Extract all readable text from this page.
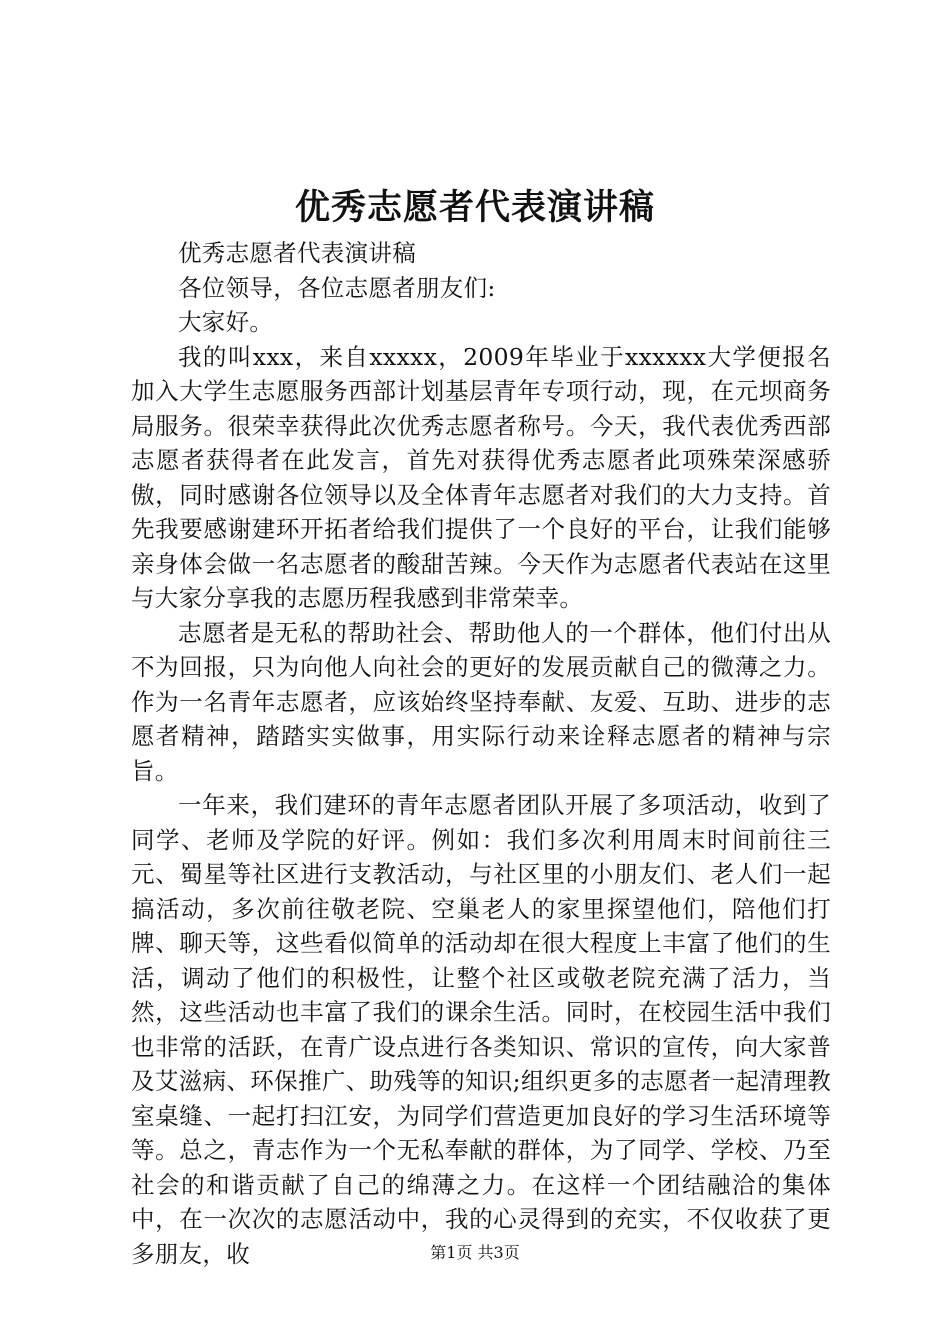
优秀志愿者代表演讲稿

优秀志愿者代表演讲稿

各位领导，各位志愿者朋友们:

大家好。

我的叫xxx，来自xxxxx，2009年毕业于xxxxxx大学便报名加入大学生志愿服务西部计划基层青年专项行动，现，在元坝商务局服务。很荣幸获得此次优秀志愿者称号。今天，我代表优秀西部志愿者获得者在此发言，首先对获得优秀志愿者此项殊荣深感骄傲，同时感谢各位领导以及全体青年志愿者对我们的大力支持。首先我要感谢建环开拓者给我们提供了一个良好的平台，让我们能够亲身体会做一名志愿者的酸甜苦辣。今天作为志愿者代表站在这里与大家分享我的志愿历程我感到非常荣幸。

志愿者是无私的帮助社会、帮助他人的一个群体，他们付出从不为回报，只为向他人向社会的更好的发展贡献自己的微薄之力。作为一名青年志愿者，应该始终坚持奉献、友爱、互助、进步的志愿者精神，踏踏实实做事，用实际行动来诠释志愿者的精神与宗旨。

一年来，我们建环的青年志愿者团队开展了多项活动，收到了同学、老师及学院的好评。例如：我们多次利用周末时间前往三元、蜀星等社区进行支教活动，与社区里的小朋友们、老人们一起搞活动，多次前往敬老院、空巢老人的家里探望他们，陪他们打牌、聊天等，这些看似简单的活动却在很大程度上丰富了他们的生活，调动了他们的积极性，让整个社区或敬老院充满了活力，当然，这些活动也丰富了我们的课余生活。同时，在校园生活中我们也非常的活跃，在青广设点进行各类知识、常识的宣传，向大家普及艾滋病、环保推广、助残等的知识;组织更多的志愿者一起清理教室桌缝、一起打扫江安，为同学们营造更加良好的学习生活环境等等。总之，青志作为一个无私奉献的群体，为了同学、学校、乃至社会的和谐贡献了自己的绵薄之力。在这样一个团结融洽的集体中，在一次次的志愿活动中，我的心灵得到的充实，不仅收获了更多朋友，收	第1页 共3页
